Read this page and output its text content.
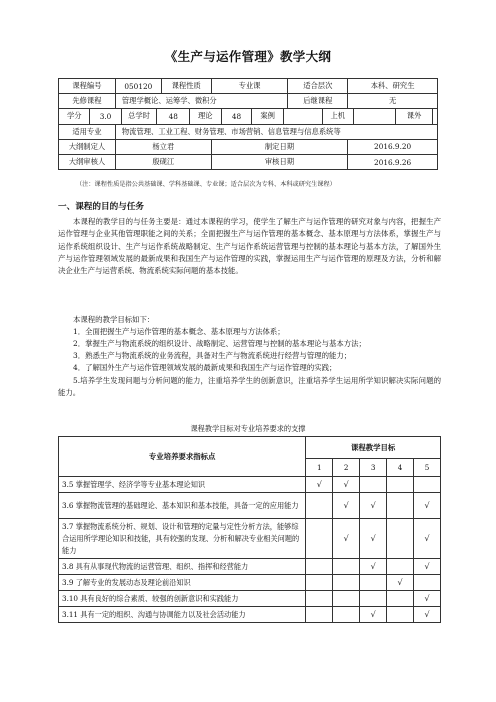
《生产与运作管理》教学大纲
课程编号	050120	课程性质	专业课	适合层次	本科、研究生
先修课程	管理学概论、运筹学、微积分	后继课程	无

学分	3.0	总学时	48	理论	48	案例		上机		课外	

适用专业	物流管理、工业工程、财务管理、市场营销、信息管理与信息系统等
大纲制定人	杨立君	制定日期	2016.9.20
大纲审核人	殷砚江	审核日期	2016.9.26
（注：课程性质是指公共基础课、学科基础课、专业课；适合层次为专科、本科或研究生课程）
一、课程的目的与任务
本课程的教学目的与任务主要是：通过本课程的学习，使学生了解生产与运作管理的研究对象与内容，把握生产运作管理与企业其他管理职能之间的关系；全面把握生产与运作管理的基本概念、基本原理与方法体系，掌握生产与运作系统组织设计、生产与运作系统战略制定、生产与运作系统运营管理与控制的基本理论与基本方法，了解国外生产与运作管理领域发展的最新成果和我国生产与运作管理的实践，掌握运用生产与运作管理的原理及方法，分析和解决企业生产与运营系统、物流系统实际问题的基本技能。
本课程的教学目标如下：
1．全面把握生产与运作管理的基本概念、基本原理与方法体系；
2．掌握生产与物流系统的组织设计、战略制定、运营管理与控制的基本理论与基本方法；
3．熟悉生产与物流系统的业务流程，具备对生产与物流系统进行经营与管理的能力；
4．了解国外生产与运作管理领域发展的最新成果和我国生产与运作管理的实践；
5.培养学生发现问题与分析问题的能力，注重培养学生的创新意识，注重培养学生运用所学知识解决实际问题的能力。
课程教学目标对专业培养要求的支撑
专业培养要求指标点	课程教学目标				
	1	2	3	4	5
3.5 掌握管理学、经济学等专业基本理论知识	√	√			
3.6 掌握物流管理的基础理论、基本知识和基本技能，具备一定的应用能力		√	√		√
3.7 掌握物流系统分析、规划、设计和管理的定量与定性分析方法，能够综合运用所学理论知识和技能，具有较强的发现、分析和解决专业相关问题的能力		√	√		√
3.8 具有从事现代物流的运营管理、组织、指挥和经营能力			√		√
3.9 了解专业的发展动态及理论前沿知识				√	
3.10 具有良好的综合素质、较强的创新意识和实践能力					√
3.11 具有一定的组织、沟通与协调能力以及社会活动能力			√		√
